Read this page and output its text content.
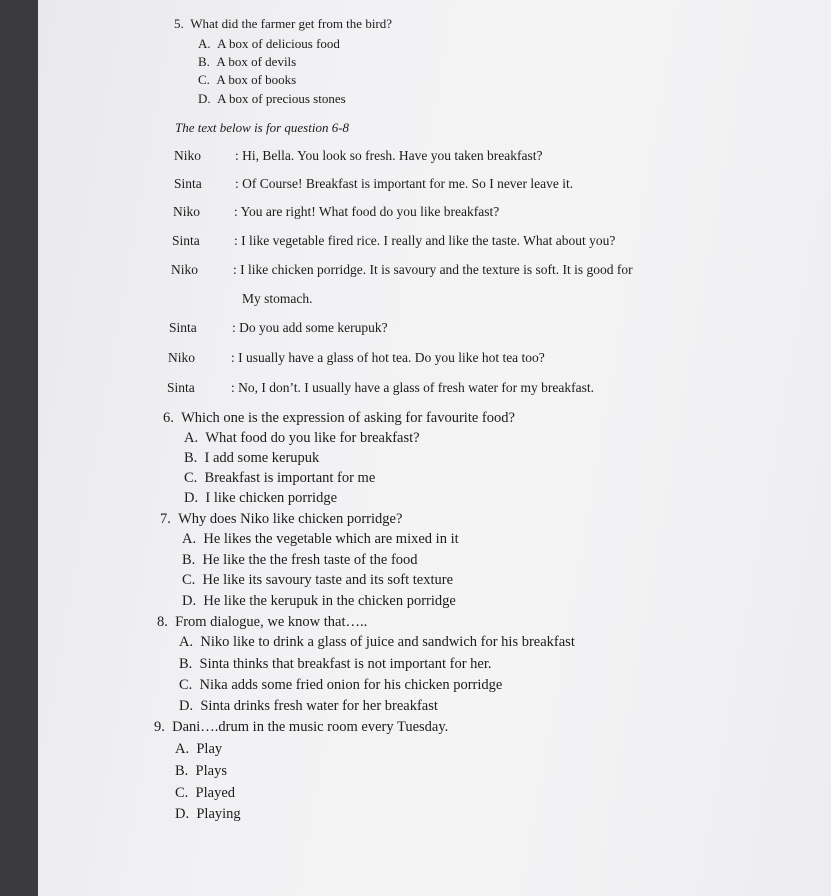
5. What did the farmer get from the bird?
A. A box of delicious food
B. A box of devils
C. A box of books
D. A box of precious stones
The text below is for question 6-8
Niko	: Hi, Bella. You look so fresh. Have you taken breakfast?
Sinta : Of Course! Breakfast is important for me. So I never leave it.
Niko	: You are right! What food do you like breakfast?
Sinta	: I like vegetable fired rice. I really and like the taste. What about you?
Niko	: I like chicken porridge. It is savoury and the texture is soft. It is good for
My stomach.
Sinta	: Do you add some kerupuk?
Niko	: I usually have a glass of hot tea. Do you like hot tea too?
Sinta	: No, I don’t. I usually have a glass of fresh water for my breakfast.
6. Which one is the expression of asking for favourite food?
A. What food do you like for breakfast?
B. I add some kerupuk
C. Breakfast is important for me
D. I like chicken porridge
7. Why does Niko like chicken porridge?
A. He likes the vegetable which are mixed in it
B. He like the the fresh taste of the food
C. He like its savoury taste and its soft texture
D. He like the kerupuk in the chicken porridge
8. From dialogue, we know that…..
A. Niko like to drink a glass of juice and sandwich for his breakfast
B. Sinta thinks that breakfast is not important for her.
C. Nika adds some fried onion for his chicken porridge
D. Sinta drinks fresh water for her breakfast
9. Dani….drum in the music room every Tuesday.
A. Play
B. Plays
C. Played
D. Playing
